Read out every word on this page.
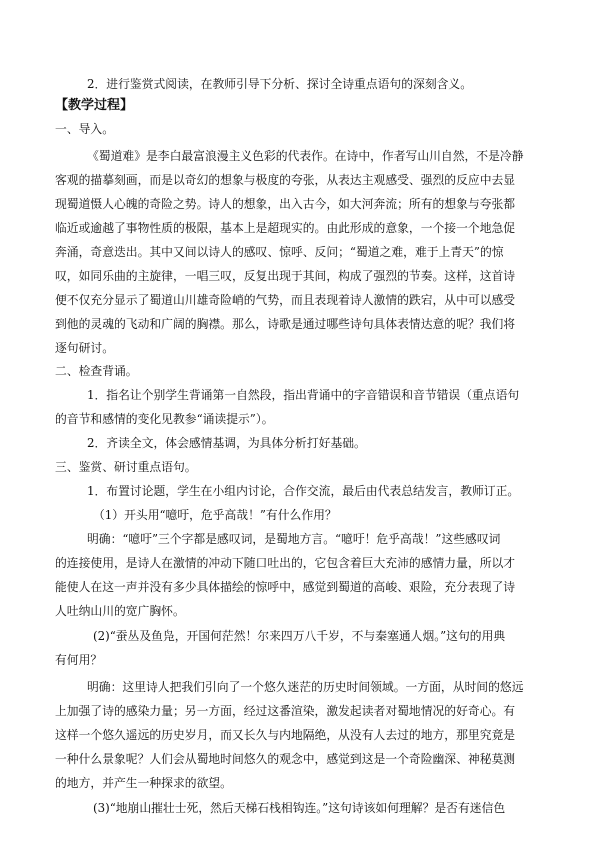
2．进行鉴赏式阅读，在教师引导下分析、探讨全诗重点语句的深刻含义。
【教学过程】
一、导入。
《蜀道难》是李白最富浪漫主义色彩的代表作。在诗中，作者写山川自然，不是冷静
客观的描摹刻画，而是以奇幻的想象与极度的夸张，从表达主观感受、强烈的反应中去显
现蜀道慑人心魄的奇险之势。诗人的想象，出入古今，如大河奔流；所有的想象与夸张都
临近或逾越了事物性质的极限，基本上是超现实的。由此形成的意象，一个接一个地急促
奔涌，奇意迭出。其中又间以诗人的感叹、惊呼、反问；“蜀道之难，难于上青天”的惊
叹，如同乐曲的主旋律，一唱三叹，反复出现于其间，构成了强烈的节奏。这样，这首诗
便不仅充分显示了蜀道山川雄奇险峭的气势，而且表现着诗人激情的跌宕，从中可以感受
到他的灵魂的飞动和广阔的胸襟。那么，诗歌是通过哪些诗句具体表情达意的呢？我们将
逐句研讨。
二、检查背诵。
1．指名让个别学生背诵第一自然段，指出背诵中的字音错误和音节错误（重点语句
的音节和感情的变化见教参“诵读提示”）。
2．齐读全文，体会感情基调，为具体分析打好基础。
三、鉴赏、研讨重点语句。
1．布置讨论题，学生在小组内讨论，合作交流，最后由代表总结发言，教师订正。
（1）开头用“噫吁，危乎高哉！”有什么作用？
明确：“噫吁”三个字都是感叹词，是蜀地方言。“噫吁！危乎高哉！”这些感叹词
的连接使用，是诗人在激情的冲动下随口吐出的，它包含着巨大充沛的感情力量，所以才
能使人在这一声并没有多少具体描绘的惊呼中，感觉到蜀道的高峻、艰险，充分表现了诗
人吐纳山川的宽广胸怀。
(2)“蚕丛及鱼凫，开国何茫然！尔来四万八千岁，不与秦塞通人烟。”这句的用典
有何用？
明确：这里诗人把我们引向了一个悠久迷茫的历史时间领域。一方面，从时间的悠远
上加强了诗的感染力量；另一方面，经过这番渲染，激发起读者对蜀地情况的好奇心。有
这样一个悠久遥远的历史岁月，而又长久与内地隔绝，从没有人去过的地方，那里究竟是
一种什么景象呢？人们会从蜀地时间悠久的观念中，感觉到这是一个奇险幽深、神秘莫测
的地方，并产生一种探求的欲望。
(3)“地崩山摧壮士死，然后天梯石栈相钩连。”这句诗该如何理解？是否有迷信色
